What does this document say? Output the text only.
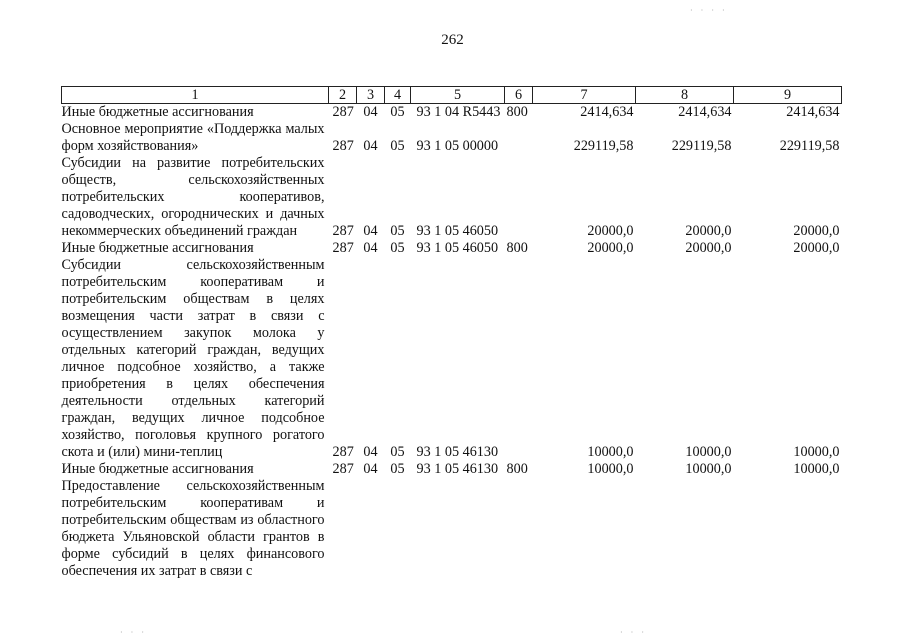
262
1	2	3	4	5	6	7	8	9
Иные бюджетные ассигнования	287	04	05	93 1 04 R5443	800	2414,634	2414,634	2414,634
Основное мероприятие «Поддержка малых форм хозяйствования»	287	04	05	93 1 05 00000		229119,58	229119,58	229119,58
Субсидии на развитие потребительских обществ, сельскохозяйственных потребительских кооперативов, садоводческих, огороднических и дачных некоммерческих объединений граждан	287	04	05	93 1 05 46050		20000,0	20000,0	20000,0
Иные бюджетные ассигнования	287	04	05	93 1 05 46050	800	20000,0	20000,0	20000,0
Субсидии сельскохозяйственным потребительским кооперативам и потребительским обществам в целях возмещения части затрат в связи с осуществлением закупок молока у отдельных категорий граждан, ведущих личное подсобное хозяйство, а также приобретения в целях обеспечения деятельности отдельных категорий граждан, ведущих личное подсобное хозяйство, поголовья крупного рогатого скота и (или) мини-теплиц	287	04	05	93 1 05 46130		10000,0	10000,0	10000,0
Иные бюджетные ассигнования	287	04	05	93 1 05 46130	800	10000,0	10000,0	10000,0
Предоставление сельскохозяйственным потребительским кооперативам и потребительским обществам из областного бюджета Ульяновской области грантов в форме субсидий в целях финансового обеспечения их затрат в связи с								
· · · ·
· · ·	· · ·
